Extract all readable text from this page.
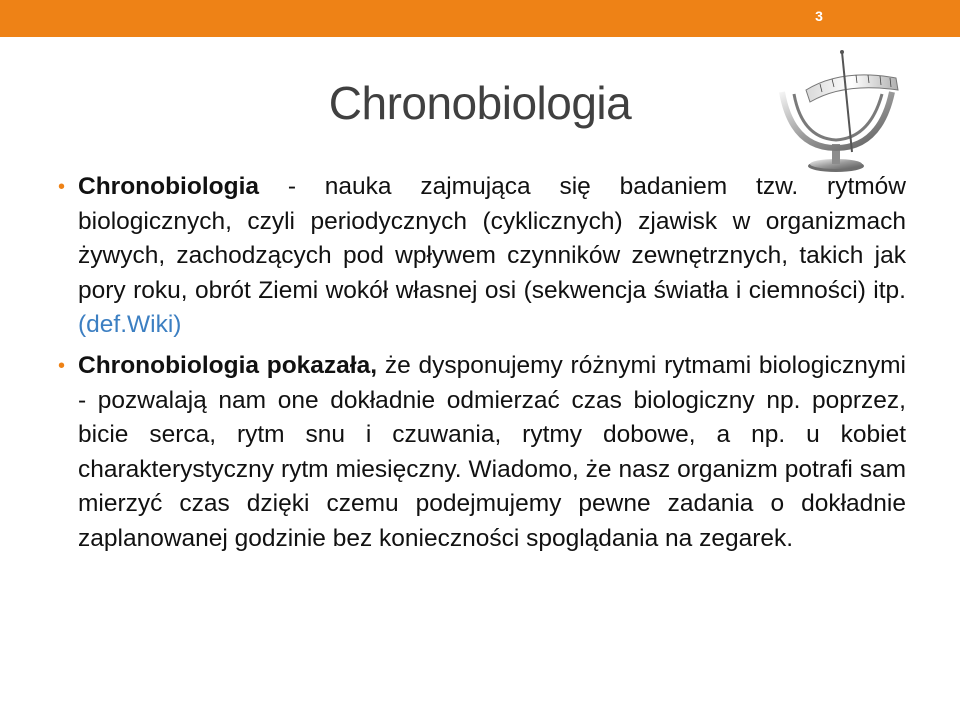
3
Chronobiologia
• Chronobiologia - nauka zajmująca się badaniem tzw. rytmów biologicznych, czyli periodycznych (cyklicznych) zjawisk w organizmach żywych, zachodzących pod wpływem czynników zewnętrznych, takich jak pory roku, obrót Ziemi wokół własnej osi (sekwencja światła i ciemności) itp. (def.Wiki)
• Chronobiologia pokazała, że dysponujemy różnymi rytmami biologicznymi - pozwalają nam one dokładnie odmierzać czas biologiczny np. poprzez, bicie serca, rytm snu i czuwania, rytmy dobowe, a np. u kobiet charakterystyczny rytm miesięczny. Wiadomo, że nasz organizm potrafi sam mierzyć czas dzięki czemu podejmujemy pewne zadania o dokładnie zaplanowanej godzinie bez konieczności spoglądania na zegarek.
